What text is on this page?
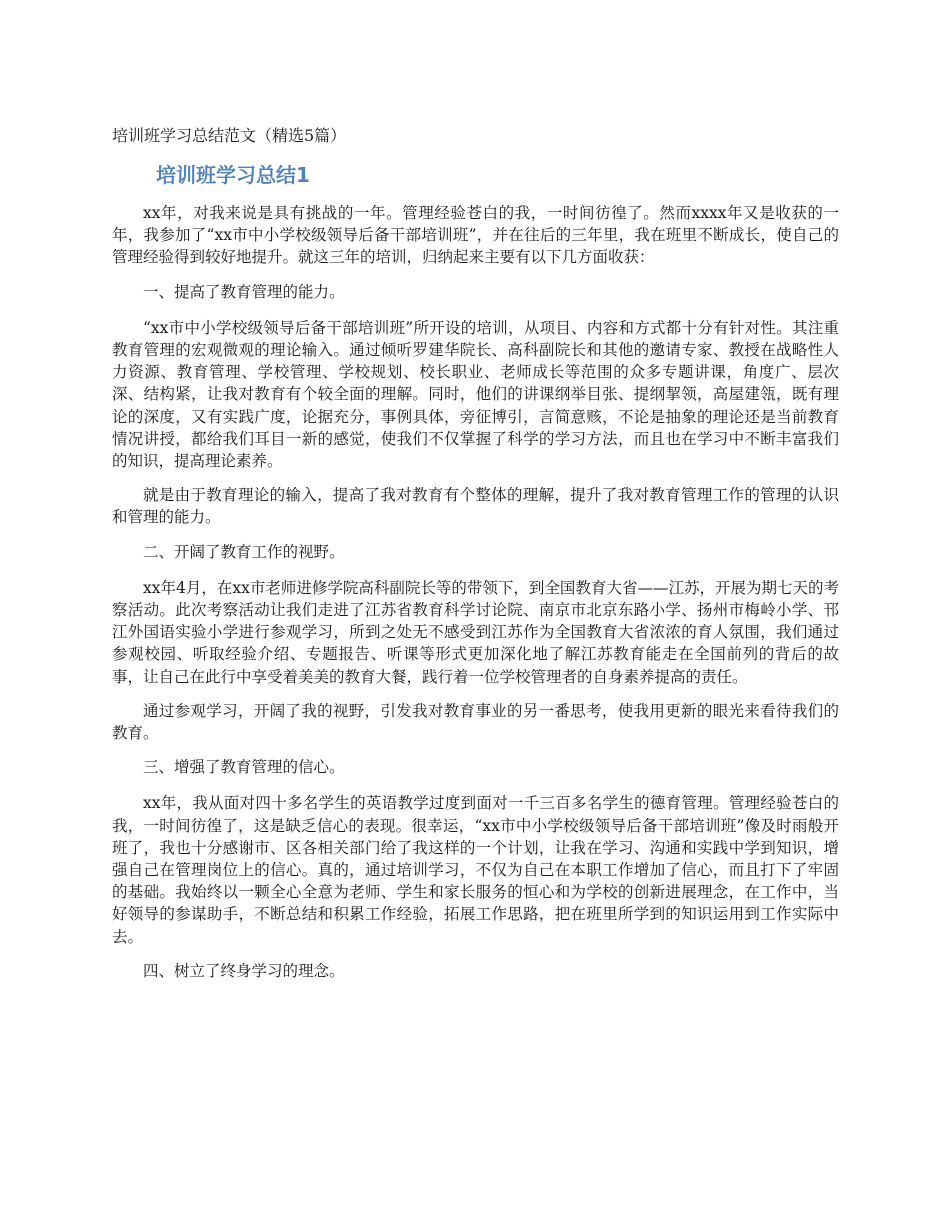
培训班学习总结范文（精选5篇）
培训班学习总结1

xx年，对我来说是具有挑战的一年。管理经验苍白的我，一时间彷徨了。然而xxxx年又是收获的一年，我参加了“xx市中小学校级领导后备干部培训班”，并在往后的三年里，我在班里不断成长，使自己的管理经验得到较好地提升。就这三年的培训，归纳起来主要有以下几方面收获：

一、提高了教育管理的能力。

“xx市中小学校级领导后备干部培训班”所开设的培训，从项目、内容和方式都十分有针对性。其注重教育管理的宏观微观的理论输入。通过倾听罗建华院长、高科副院长和其他的邀请专家、教授在战略性人力资源、教育管理、学校管理、学校规划、校长职业、老师成长等范围的众多专题讲课，角度广、层次深、结构紧，让我对教育有个较全面的理解。同时，他们的讲课纲举目张、提纲挈领，高屋建瓴，既有理论的深度，又有实践广度，论据充分，事例具体，旁征博引，言简意赅，不论是抽象的理论还是当前教育情况讲授，都给我们耳目一新的感觉，使我们不仅掌握了科学的学习方法，而且也在学习中不断丰富我们的知识，提高理论素养。

就是由于教育理论的输入，提高了我对教育有个整体的理解，提升了我对教育管理工作的管理的认识和管理的能力。

二、开阔了教育工作的视野。

xx年4月，在xx市老师进修学院高科副院长等的带领下，到全国教育大省——江苏，开展为期七天的考察活动。此次考察活动让我们走进了江苏省教育科学讨论院、南京市北京东路小学、扬州市梅岭小学、邗江外国语实验小学进行参观学习，所到之处无不感受到江苏作为全国教育大省浓浓的育人氛围，我们通过参观校园、听取经验介绍、专题报告、听课等形式更加深化地了解江苏教育能走在全国前列的背后的故事，让自己在此行中享受着美美的教育大餐，践行着一位学校管理者的自身素养提高的责任。

通过参观学习，开阔了我的视野，引发我对教育事业的另一番思考，使我用更新的眼光来看待我们的教育。

三、增强了教育管理的信心。

xx年，我从面对四十多名学生的英语教学过度到面对一千三百多名学生的德育管理。管理经验苍白的我，一时间彷徨了，这是缺乏信心的表现。很幸运，“xx市中小学校级领导后备干部培训班”像及时雨般开班了，我也十分感谢市、区各相关部门给了我这样的一个计划，让我在学习、沟通和实践中学到知识，增强自己在管理岗位上的信心。真的，通过培训学习，不仅为自己在本职工作增加了信心，而且打下了牢固的基础。我始终以一颗全心全意为老师、学生和家长服务的恒心和为学校的创新进展理念，在工作中，当好领导的参谋助手，不断总结和积累工作经验，拓展工作思路，把在班里所学到的知识运用到工作实际中去。

四、树立了终身学习的理念。
